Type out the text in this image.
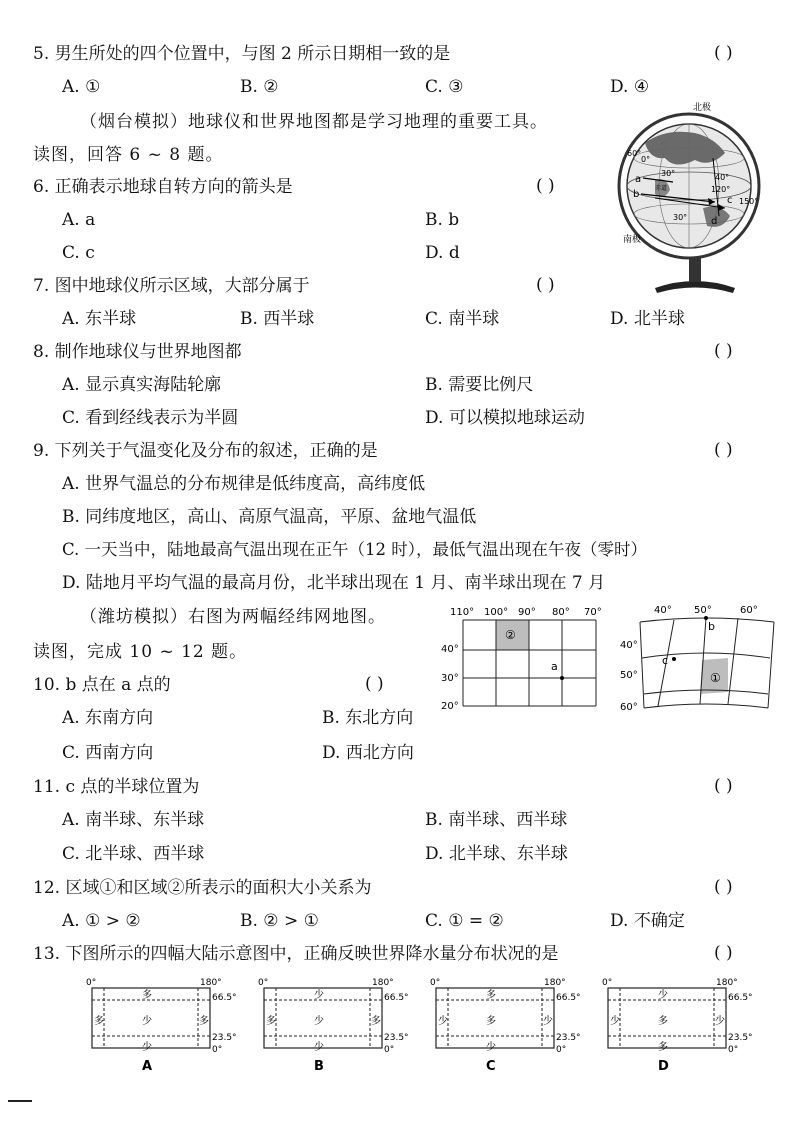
5. 男生所处的四个位置中，与图 2 所示日期相一致的是	( )
A. ①	B. ②	C. ③	D. ④
（烟台模拟）地球仪和世界地图都是学习地理的重要工具。
读图，回答 6 ~ 8 题。
北极
南极
60°
0°
30°
赤道
40°
120°
150°
30°
a
b
c
d
6. 正确表示地球自转方向的箭头是	( )
A. a	B. b
C. c	D. d
7. 图中地球仪所示区域，大部分属于	( )
A. 东半球	B. 西半球	C. 南半球	D. 北半球
8. 制作地球仪与世界地图都	( )
A. 显示真实海陆轮廓	B. 需要比例尺
C. 看到经线表示为半圆	D. 可以模拟地球运动
9. 下列关于气温变化及分布的叙述，正确的是	( )
A. 世界气温总的分布规律是低纬度高，高纬度低
B. 同纬度地区，高山、高原气温高，平原、盆地气温低
C. 一天当中，陆地最高气温出现在正午（12 时），最低气温出现在午夜（零时）
D. 陆地月平均气温的最高月份，北半球出现在 1 月、南半球出现在 7 月
（潍坊模拟）右图为两幅经纬网地图。
读图，完成 10 ~ 12 题。
a
②
110° 100° 90° 80° 70°
40°
30°
20°
b
c
①
40° 50°	60°
40°
50°
60°
10. b 点在 a 点的	( )
A. 东南方向	B. 东北方向
C. 西南方向	D. 西北方向
11. c 点的半球位置为	( )
A. 南半球、东半球	B. 南半球、西半球
C. 北半球、西半球	D. 北半球、东半球
12. 区域①和区域②所表示的面积大小关系为	( )
A. ① > ②	B. ② > ①	C. ① = ②	D. 不确定
13. 下图所示的四幅大陆示意图中，正确反映世界降水量分布状况的是	( )
0°	180°
多
多	少	多
少
66.5°
23.5°
0°
A
0°	180°
少
多	少	多
少
66.5°
23.5°
0°
B
0°	180°
多
少	多	少
少
66.5°
23.5°
0°
C
0°	180°
少
少	多	少
多
66.5°
23.5°
0°
D
